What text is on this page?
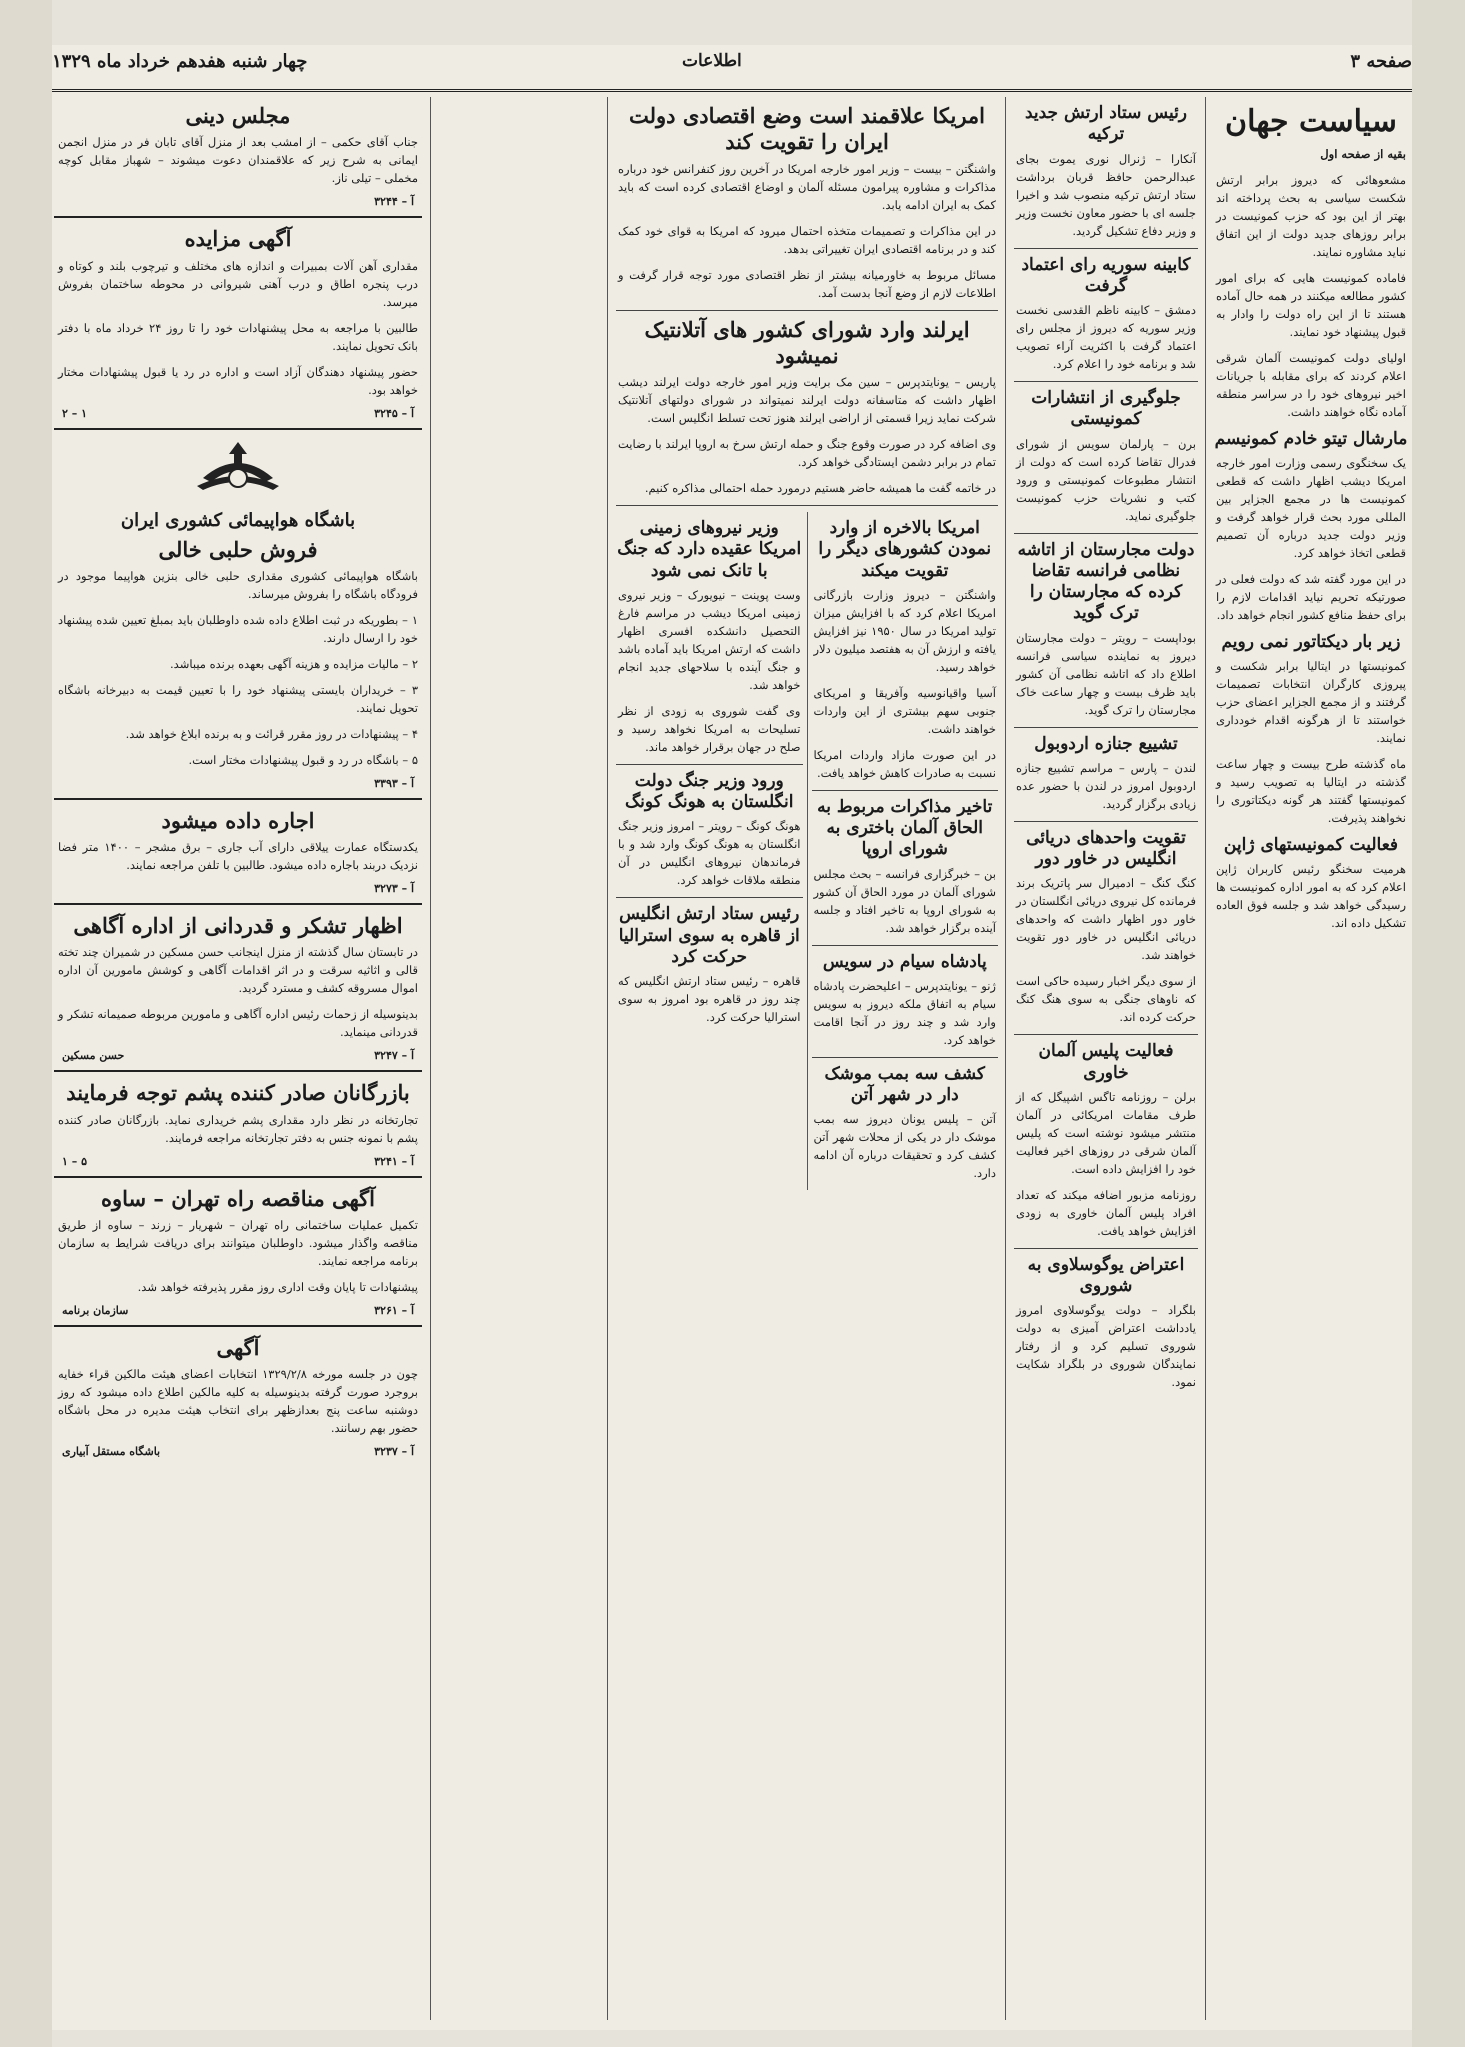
صفحه ۳
اطلاعات
چهار شنبه هفدهم خرداد ماه ۱۳۲۹
سیاست جهان
بقیه از صفحه اول
مشعوهائی که دیروز برابر ارتش شکست سیاسی به بحث پرداخته اند بهتر از این بود که حزب کمونیست در برابر روزهای جدید دولت از این اتفاق نباید مشاوره نمایند.
فاماده کمونیست هایی که برای امور کشور مطالعه میکنند در همه حال آماده هستند تا از این راه دولت را وادار به قبول پیشنهاد خود نمایند.
اولیای دولت کمونیست آلمان شرقی اعلام کردند که برای مقابله با جریانات اخیر نیروهای خود را در سراسر منطقه آماده نگاه خواهند داشت.
مارشال تیتو خادم کمونیسم
یک سخنگوی رسمی وزارت امور خارجه امریکا دیشب اظهار داشت که قطعی کمونیست ها در مجمع الجزایر بین المللی مورد بحث قرار خواهد گرفت و وزیر دولت جدید درباره آن تصمیم قطعی اتخاذ خواهد کرد.
در این مورد گفته شد که دولت فعلی در صورتیکه تحریم نیاید اقدامات لازم را برای حفظ منافع کشور انجام خواهد داد.
زیر بار دیکتاتور نمی رویم
کمونیستها در ایتالیا برابر شکست و پیروزی کارگران انتخابات تصمیمات گرفتند و از مجمع الجزایر اعضای حزب خواستند تا از هرگونه اقدام خودداری نمایند.
ماه گذشته طرح بیست و چهار ساعت گذشته در ایتالیا به تصویب رسید و کمونیستها گفتند هر گونه دیکتاتوری را نخواهند پذیرفت.
فعالیت کمونیستهای ژاپن
هرمیت سخنگو رئیس کاربران ژاپن اعلام کرد که به امور اداره کمونیست ها رسیدگی خواهد شد و جلسه فوق العاده تشکیل داده اند.
رئیس ستاد ارتش جدید ترکیه
آنکارا – ژنرال نوری یموت بجای عبدالرحمن حافظ قربان برداشت ستاد ارتش ترکیه منصوب شد و اخیرا جلسه ای با حضور معاون نخست وزیر و وزیر دفاع تشکیل گردید.
کابینه سوریه رای اعتماد گرفت
دمشق – کابینه ناظم القدسی نخست وزیر سوریه که دیروز از مجلس رای اعتماد گرفت با اکثریت آراء تصویب شد و برنامه خود را اعلام کرد.
جلوگیری از انتشارات کمونیستی
برن – پارلمان سویس از شورای فدرال تقاضا کرده است که دولت از انتشار مطبوعات کمونیستی و ورود کتب و نشریات حزب کمونیست جلوگیری نماید.
دولت مجارستان از اتاشه نظامی فرانسه تقاضا کرده که مجارستان را ترک گوید
بوداپست – رویتر – دولت مجارستان دیروز به نماینده سیاسی فرانسه اطلاع داد که اتاشه نظامی آن کشور باید ظرف بیست و چهار ساعت خاک مجارستان را ترک گوید.
تشییع جنازه اردوبول
لندن – پارس – مراسم تشییع جنازه اردوبول امروز در لندن با حضور عده زیادی برگزار گردید.
تقویت واحدهای دریائی انگلیس در خاور دور
کنگ کنگ – ادمیرال سر پاتریک برند فرمانده کل نیروی دریائی انگلستان در خاور دور اظهار داشت که واحدهای دریائی انگلیس در خاور دور تقویت خواهند شد.
از سوی دیگر اخبار رسیده حاکی است که ناوهای جنگی به سوی هنگ کنگ حرکت کرده اند.
فعالیت پلیس آلمان خاوری
برلن – روزنامه تاگس اشپیگل که از طرف مقامات امریکائی در آلمان منتشر میشود نوشته است که پلیس آلمان شرقی در روزهای اخیر فعالیت خود را افزایش داده است.
روزنامه مزبور اضافه میکند که تعداد افراد پلیس آلمان خاوری به زودی افزایش خواهد یافت.
اعتراض یوگوسلاوی به شوروی
بلگراد – دولت یوگوسلاوی امروز یادداشت اعتراض آمیزی به دولت شوروی تسلیم کرد و از رفتار نمایندگان شوروی در بلگراد شکایت نمود.
امریکا علاقمند است وضع اقتصادی دولت ایران را تقویت کند
واشنگتن – بیست – وزیر امور خارجه امریکا در آخرین روز کنفرانس خود درباره مذاکرات و مشاوره پیرامون مسئله آلمان و اوضاع اقتصادی کرده است که باید کمک به ایران ادامه یابد.
در این مذاکرات و تصمیمات متخذه احتمال میرود که امریکا به قوای خود کمک کند و در برنامه اقتصادی ایران تغییراتی بدهد.
مسائل مربوط به خاورمیانه بیشتر از نظر اقتصادی مورد توجه قرار گرفت و اطلاعات لازم از وضع آنجا بدست آمد.
ایرلند وارد شورای کشور های آتلانتیک نمیشود
پاریس – یونایتدپرس – سین مک برایت وزیر امور خارجه دولت ایرلند دیشب اظهار داشت که متاسفانه دولت ایرلند نمیتواند در شورای دولتهای آتلانتیک شرکت نماید زیرا قسمتی از اراضی ایرلند هنوز تحت تسلط انگلیس است.
وی اضافه کرد در صورت وقوع جنگ و حمله ارتش سرخ به اروپا ایرلند با رضایت تمام در برابر دشمن ایستادگی خواهد کرد.
در خاتمه گفت ما همیشه حاضر هستیم درمورد حمله احتمالی مذاکره کنیم.
امریکا بالاخره از وارد نمودن کشورهای دیگر را تقویت میکند
واشنگتن – دیروز وزارت بازرگانی امریکا اعلام کرد که با افزایش میزان تولید امریکا در سال ۱۹۵۰ نیز افزایش یافته و ارزش آن به هفتصد میلیون دلار خواهد رسید.
آسیا واقیانوسیه وآفریقا و امریکای جنوبی سهم بیشتری از این واردات خواهند داشت.
در این صورت مازاد واردات امریکا نسبت به صادرات کاهش خواهد یافت.
تاخیر مذاکرات مربوط به الحاق آلمان باختری به شورای اروپا
بن – خبرگزاری فرانسه – بحث مجلس شورای آلمان در مورد الحاق آن کشور به شورای اروپا به تاخیر افتاد و جلسه آینده برگزار خواهد شد.
پادشاه سیام در سویس
ژنو – یونایتدپرس – اعلیحضرت پادشاه سیام به اتفاق ملکه دیروز به سویس وارد شد و چند روز در آنجا اقامت خواهد کرد.
کشف سه بمب موشک دار در شهر آتن
آتن – پلیس یونان دیروز سه بمب موشک دار در یکی از محلات شهر آتن کشف کرد و تحقیقات درباره آن ادامه دارد.
وزیر نیروهای زمینی امریکا عقیده دارد که جنگ با تانک نمی شود
وست پوینت – نیویورک – وزیر نیروی زمینی امریکا دیشب در مراسم فارغ التحصیل دانشکده افسری اظهار داشت که ارتش امریکا باید آماده باشد و جنگ آینده با سلاحهای جدید انجام خواهد شد.
وی گفت شوروی به زودی از نظر تسلیحات به امریکا نخواهد رسید و صلح در جهان برقرار خواهد ماند.
ورود وزیر جنگ دولت انگلستان به هونگ کونگ
هونگ کونگ – رویتر – امروز وزیر جنگ انگلستان به هونگ کونگ وارد شد و با فرماندهان نیروهای انگلیس در آن منطقه ملاقات خواهد کرد.
رئیس ستاد ارتش انگلیس از قاهره به سوی استرالیا حرکت کرد
قاهره – رئیس ستاد ارتش انگلیس که چند روز در قاهره بود امروز به سوی استرالیا حرکت کرد.
مجلس دینی
جناب آقای حکمی – از امشب بعد از منزل آقای تابان فر در منزل انجمن ایمانی به شرح زیر که علاقمندان دعوت میشوند – شهباز مقابل کوچه مخملی – تیلی ناز.
آ – ۳۲۴۴
آگهی مزایده
مقداری آهن آلات بمبیرات و اندازه های مختلف و تیرچوب بلند و کوتاه و درب پنجره اطاق و درب آهنی شیروانی در محوطه ساختمان بفروش میرسد.
طالبین با مراجعه به محل پیشنهادات خود را تا روز ۲۴ خرداد ماه با دفتر بانک تحویل نمایند.
حضور پیشنهاد دهندگان آزاد است و اداره در رد یا قبول پیشنهادات مختار خواهد بود.
آ – ۳۲۴۵
۱ – ۲
باشگاه هواپیمائی کشوری ایران
فروش حلبی خالی
باشگاه هواپیمائی کشوری مقداری حلبی خالی بنزین هواپیما موجود در فرودگاه باشگاه را بفروش میرساند.
۱ – بطوریکه در ثبت اطلاع داده شده داوطلبان باید بمبلغ تعیین شده پیشنهاد خود را ارسال دارند.
۲ – مالیات مزایده و هزینه آگهی بعهده برنده میباشد.
۳ – خریداران بایستی پیشنهاد خود را با تعیین قیمت به دبیرخانه باشگاه تحویل نمایند.
۴ – پیشنهادات در روز مقرر قرائت و به برنده ابلاغ خواهد شد.
۵ – باشگاه در رد و قبول پیشنهادات مختار است.
آ – ۳۳۹۳
اجاره داده میشود
یکدستگاه عمارت ییلاقی دارای آب جاری – برق مشجر – ۱۴۰۰ متر فضا نزدیک دربند باجاره داده میشود. طالبین با تلفن مراجعه نمایند.
آ – ۳۲۷۳
اظهار تشکر و قدردانی از اداره آگاهی
در تابستان سال گذشته از منزل اینجانب حسن مسکین در شمیران چند تخته قالی و اثاثیه سرقت و در اثر اقدامات آگاهی و کوشش مامورین آن اداره اموال مسروقه کشف و مسترد گردید.
بدینوسیله از زحمات رئیس اداره آگاهی و مامورین مربوطه صمیمانه تشکر و قدردانی مینماید.
آ – ۳۲۴۷
حسن مسکین
بازرگانان صادر کننده پشم توجه فرمایند
تجارتخانه در نظر دارد مقداری پشم خریداری نماید. بازرگانان صادر کننده پشم با نمونه جنس به دفتر تجارتخانه مراجعه فرمایند.
آ – ۳۲۴۱
۵ – ۱
آگهی مناقصه راه تهران – ساوه
تکمیل عملیات ساختمانی راه تهران – شهریار – زرند – ساوه از طریق مناقصه واگذار میشود. داوطلبان میتوانند برای دریافت شرایط به سازمان برنامه مراجعه نمایند.
پیشنهادات تا پایان وقت اداری روز مقرر پذیرفته خواهد شد.
آ – ۳۲۶۱
سازمان برنامه
آگهی
چون در جلسه مورخه ۱۳۲۹/۲/۸ انتخابات اعضای هیئت مالکین قراء خفایه بروجرد صورت گرفته بدینوسیله به کلیه مالکین اطلاع داده میشود که روز دوشنبه ساعت پنج بعدازظهر برای انتخاب هیئت مدیره در محل باشگاه حضور بهم رسانند.
آ – ۳۲۳۷
باشگاه مستقل آبیاری
